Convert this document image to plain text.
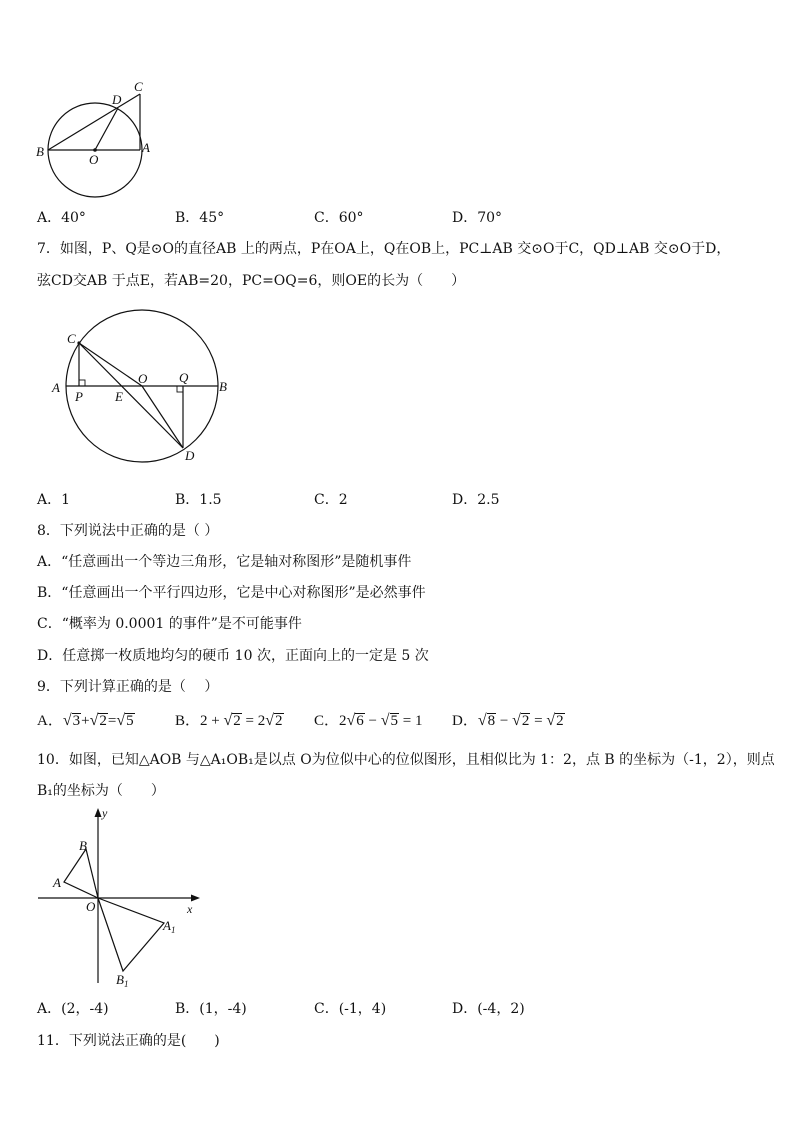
B
O
A
D
C
A．40°	B．45°	C．60°	D．70°
7．如图，P、Q是⊙O的直径AB 上的两点，P在OA上，Q在OB上，PC⊥AB 交⊙O于C，QD⊥AB 交⊙O于D，
弦CD交AB 于点E，若AB=20，PC=OQ=6，则OE的长为（　　）
C
A
P E
O Q
B
D
A．1	B．1.5	C．2	D．2.5
8．下列说法中正确的是（ ）
A．“任意画出一个等边三角形，它是轴对称图形”是随机事件
B．“任意画出一个平行四边形，它是中心对称图形”是必然事件
C．“概率为 0.0001 的事件”是不可能事件
D．任意掷一枚质地均匀的硬币 10 次，正面向上的一定是 5 次
9．下列计算正确的是（　 ）
A．√3+√2=√5	B．2 + √2 = 2√2 C．2√6 − √5 = 1 D．√8 − √2 = √2
10．如图，已知△AOB 与△A₁OB₁是以点 O为位似中心的位似图形，且相似比为 1：2，点 B 的坐标为（-1，2），则点
B₁的坐标为（　　）
y
x
O
B
A
$A_1$
$B_1$
A．(2，-4)	B．(1，-4)	C．(-1，4)	D．(-4，2)
11．下列说法正确的是(　　)
